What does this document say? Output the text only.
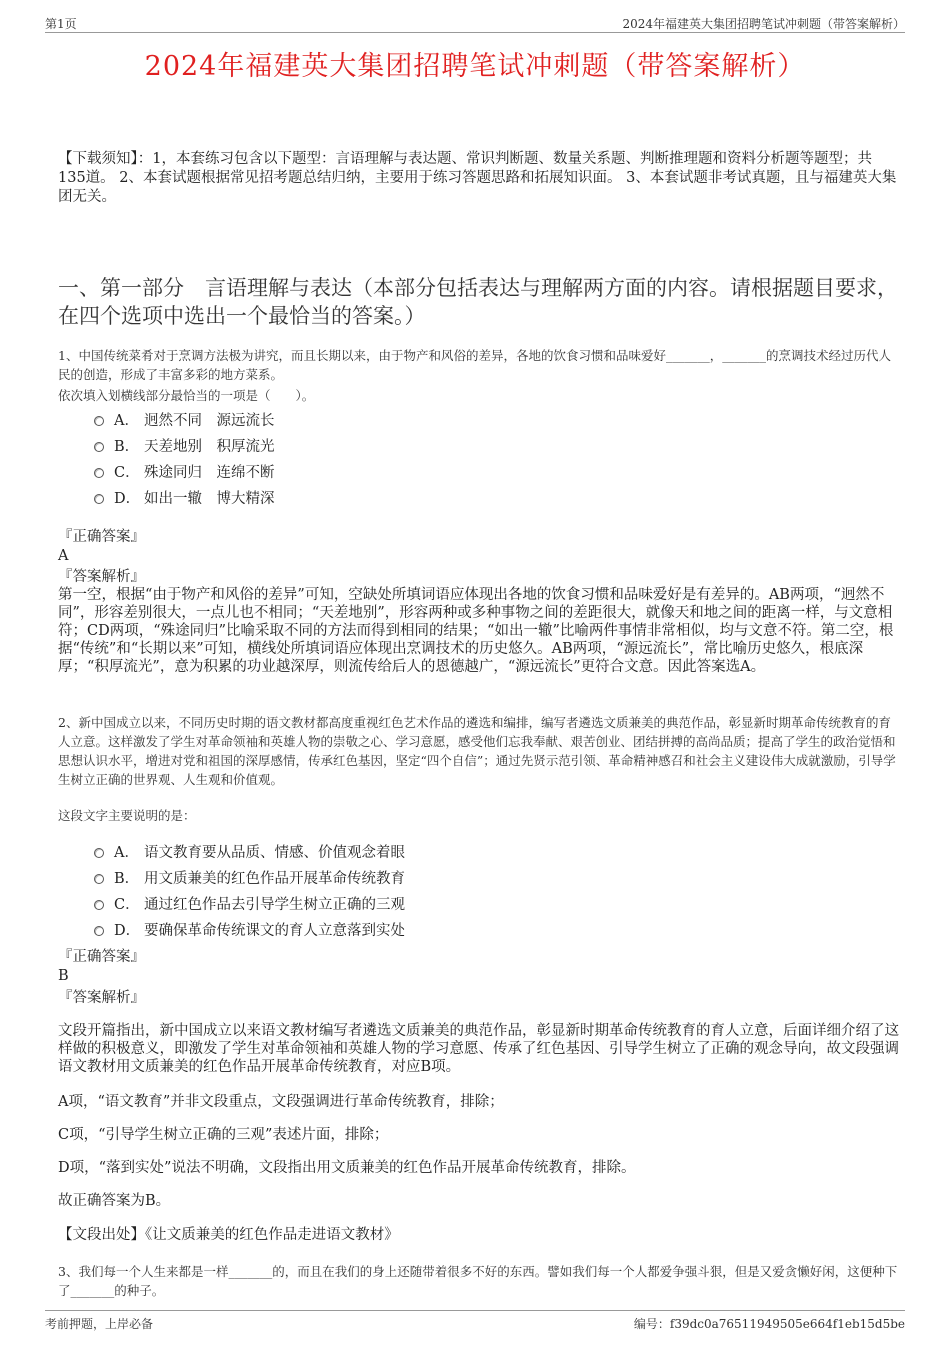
第1页	2024年福建英大集团招聘笔试冲刺题（带答案解析）
2024年福建英大集团招聘笔试冲刺题（带答案解析）
【下载须知】：1，本套练习包含以下题型：言语理解与表达题、常识判断题、数量关系题、判断推理题和资料分析题等题型；共135道。 2、本套试题根据常见招考题总结归纳，主要用于练习答题思路和拓展知识面。 3、本套试题非考试真题，且与福建英大集团无关。
一、第一部分　言语理解与表达（本部分包括表达与理解两方面的内容。请根据题目要求，在四个选项中选出一个最恰当的答案。）
1、中国传统菜肴对于烹调方法极为讲究，而且长期以来，由于物产和风俗的差异，各地的饮食习惯和品味爱好_______，_______的烹调技术经过历代人民的创造，形成了丰富多彩的地方菜系。
依次填入划横线部分最恰当的一项是（　　）。
A． 迥然不同　源远流长
B． 天差地别　积厚流光
C． 殊途同归　连绵不断
D． 如出一辙　博大精深
『正确答案』
A
『答案解析』
第一空，根据“由于物产和风俗的差异”可知，空缺处所填词语应体现出各地的饮食习惯和品味爱好是有差异的。AB两项，“迥然不同”，形容差别很大，一点儿也不相同；“天差地别”，形容两种或多种事物之间的差距很大，就像天和地之间的距离一样，与文意相符；CD两项，“殊途同归”比喻采取不同的方法而得到相同的结果；“如出一辙”比喻两件事情非常相似，均与文意不符。第二空，根据“传统”和“长期以来”可知，横线处所填词语应体现出烹调技术的历史悠久。AB两项，“源远流长”，常比喻历史悠久，根底深厚；“积厚流光”，意为积累的功业越深厚，则流传给后人的恩德越广，“源远流长”更符合文意。因此答案选A。
2、新中国成立以来，不同历史时期的语文教材都高度重视红色艺术作品的遴选和编排，编写者遴选文质兼美的典范作品，彰显新时期革命传统教育的育人立意。这样激发了学生对革命领袖和英雄人物的崇敬之心、学习意愿，感受他们忘我奉献、艰苦创业、团结拼搏的高尚品质；提高了学生的政治觉悟和思想认识水平，增进对党和祖国的深厚感情，传承红色基因，坚定“四个自信”；通过先贤示范引领、革命精神感召和社会主义建设伟大成就激励，引导学生树立正确的世界观、人生观和价值观。
这段文字主要说明的是：
A． 语文教育要从品质、情感、价值观念着眼
B． 用文质兼美的红色作品开展革命传统教育
C． 通过红色作品去引导学生树立正确的三观
D． 要确保革命传统课文的育人立意落到实处
『正确答案』
B
『答案解析』
文段开篇指出，新中国成立以来语文教材编写者遴选文质兼美的典范作品，彰显新时期革命传统教育的育人立意，后面详细介绍了这样做的积极意义，即激发了学生对革命领袖和英雄人物的学习意愿、传承了红色基因、引导学生树立了正确的观念导向，故文段强调语文教材用文质兼美的红色作品开展革命传统教育，对应B项。
A项，“语文教育”并非文段重点，文段强调进行革命传统教育，排除；
C项，“引导学生树立正确的三观”表述片面，排除；
D项，“落到实处”说法不明确，文段指出用文质兼美的红色作品开展革命传统教育，排除。
故正确答案为B。
【文段出处】《让文质兼美的红色作品走进语文教材》
3、我们每一个人生来都是一样_______的，而且在我们的身上还随带着很多不好的东西。譬如我们每一个人都爱争强斗狠，但是又爱贪懒好闲，这便种下了_______的种子。
考前押题，上岸必备	编号：f39dc0a76511949505e664f1eb15d5be
